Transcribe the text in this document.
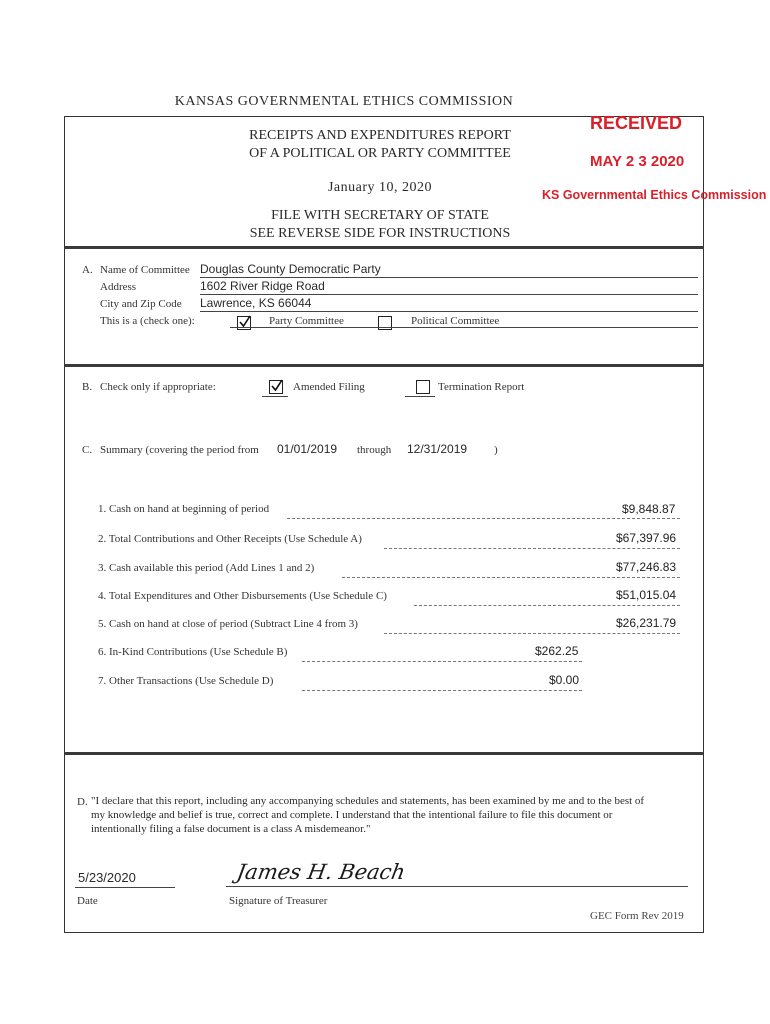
KANSAS GOVERNMENTAL ETHICS COMMISSION
RECEIPTS AND EXPENDITURES REPORT
OF A POLITICAL OR PARTY COMMITTEE
January 10, 2020
FILE WITH SECRETARY OF STATE
SEE REVERSE SIDE FOR INSTRUCTIONS
RECEIVED
MAY 2 3 2020
KS Governmental Ethics Commission
A. Name of Committee Douglas County Democratic Party
Address	1602 River Ridge Road
City and Zip Code Lawrence, KS 66044
This is a (check one):	Party Committee	Political Committee
B. Check only if appropriate:	Amended Filing	Termination Report
C. Summary (covering the period from 01/01/2019 through 12/31/2019 )
1. Cash on hand at beginning of period	$9,848.87
2. Total Contributions and Other Receipts (Use Schedule A)	$67,397.96
3. Cash available this period (Add Lines 1 and 2)	$77,246.83
4. Total Expenditures and Other Disbursements (Use Schedule C)	$51,015.04
5. Cash on hand at close of period (Subtract Line 4 from 3)	$26,231.79
6. In-Kind Contributions (Use Schedule B)	$262.25
7. Other Transactions (Use Schedule D)	$0.00
D. "I declare that this report, including any accompanying schedules and statements, has been examined by me and to the best of
my knowledge and belief is true, correct and complete. I understand that the intentional failure to file this document or
intentionally filing a false document is a class A misdemeanor."
5/23/2020
Date
James H. Beach
Signature of Treasurer
GEC Form Rev 2019
